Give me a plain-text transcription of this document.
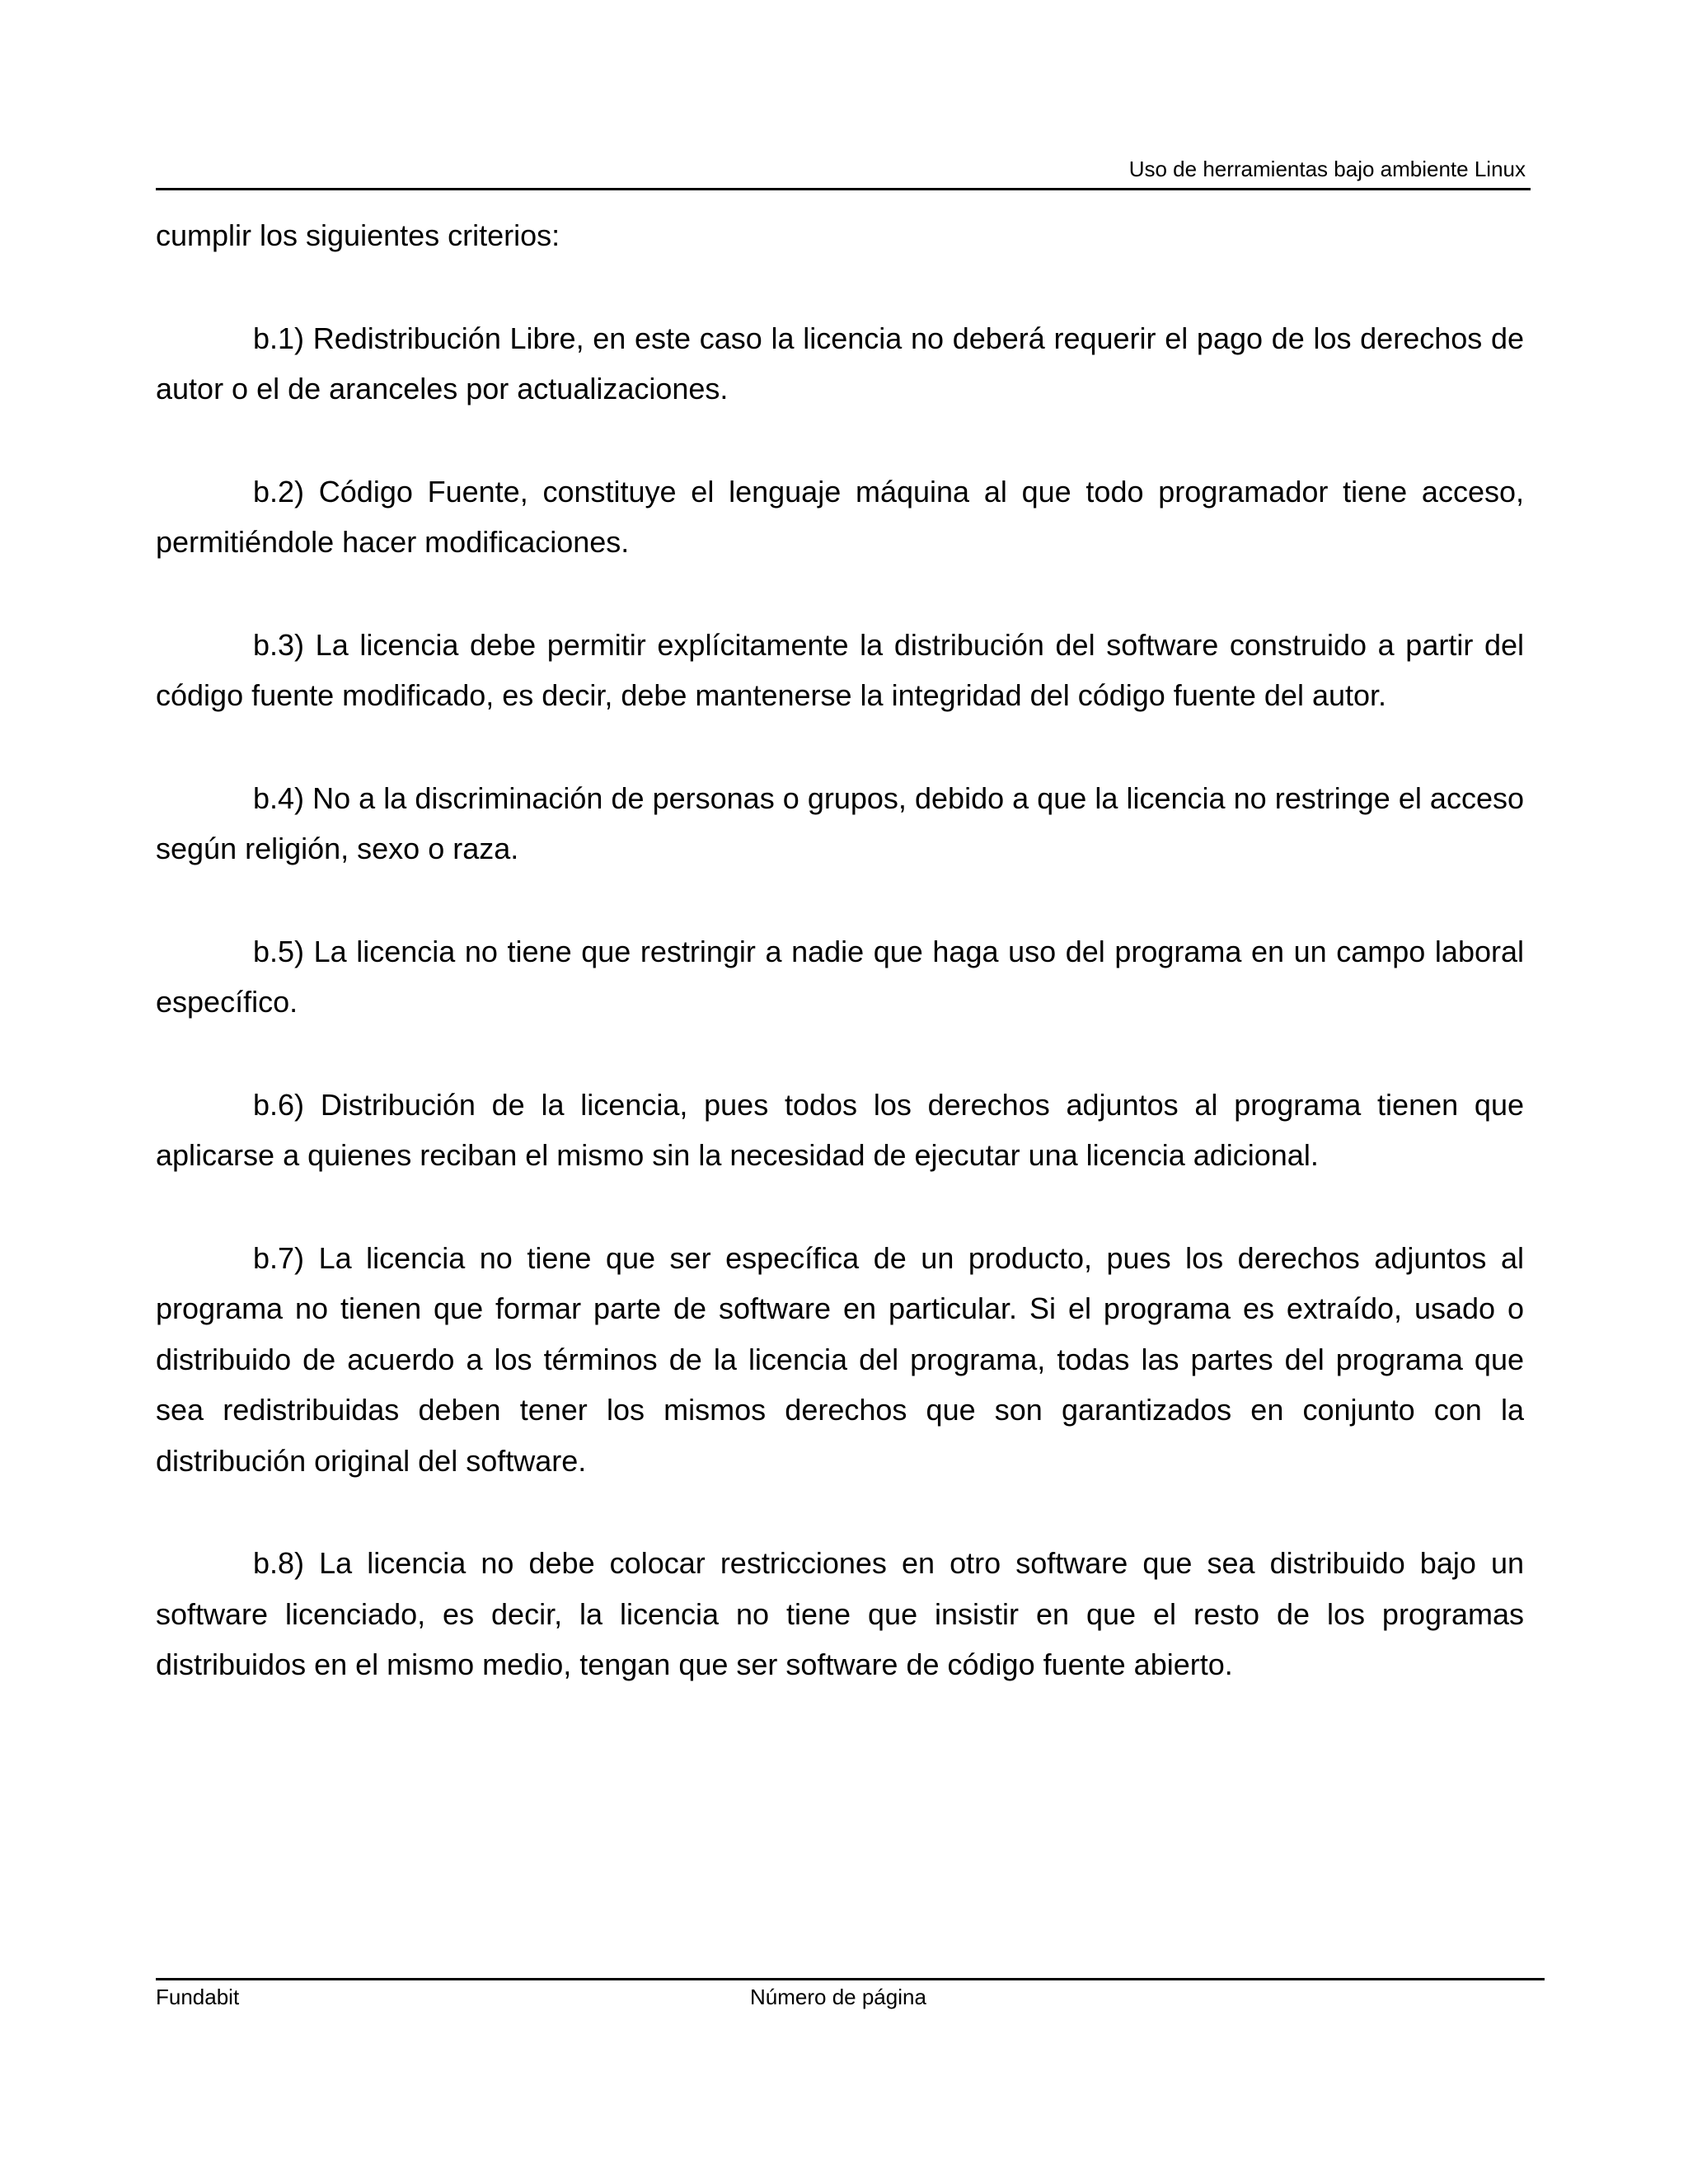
Uso de herramientas bajo ambiente Linux

cumplir los siguientes criterios:

b.1) Redistribución Libre, en este caso la licencia no deberá requerir el pago de los derechos de autor o el de aranceles por actualizaciones.

b.2) Código Fuente, constituye el lenguaje máquina al que todo programador tiene acceso, permitiéndole hacer modificaciones.

b.3) La licencia debe permitir explícitamente la distribución del software construido a partir del código fuente modificado, es decir, debe mantenerse la integridad del código fuente del autor.

b.4) No a la discriminación de personas o grupos, debido a que la licencia no restringe el acceso según religión, sexo o raza.

b.5) La licencia no tiene que restringir a nadie que haga uso del programa en un campo laboral específico.

b.6) Distribución de la licencia, pues todos los derechos adjuntos al programa tienen que aplicarse a quienes reciban el mismo sin la necesidad de ejecutar una licencia adicional.

b.7) La licencia no tiene que ser específica de un producto, pues los derechos adjuntos al programa no tienen que formar parte de software en particular. Si el programa es extraído, usado o distribuido de acuerdo a los términos de la licencia del programa, todas las partes del programa que sea redistribuidas deben tener los mismos derechos que son garantizados en conjunto con la distribución original del software.

b.8) La licencia no debe colocar restricciones en otro software que sea distribuido bajo un software licenciado, es decir, la licencia no tiene que insistir en que el resto de los programas distribuidos en el mismo medio, tengan que ser software de código fuente abierto.

Fundabit	Número de página
